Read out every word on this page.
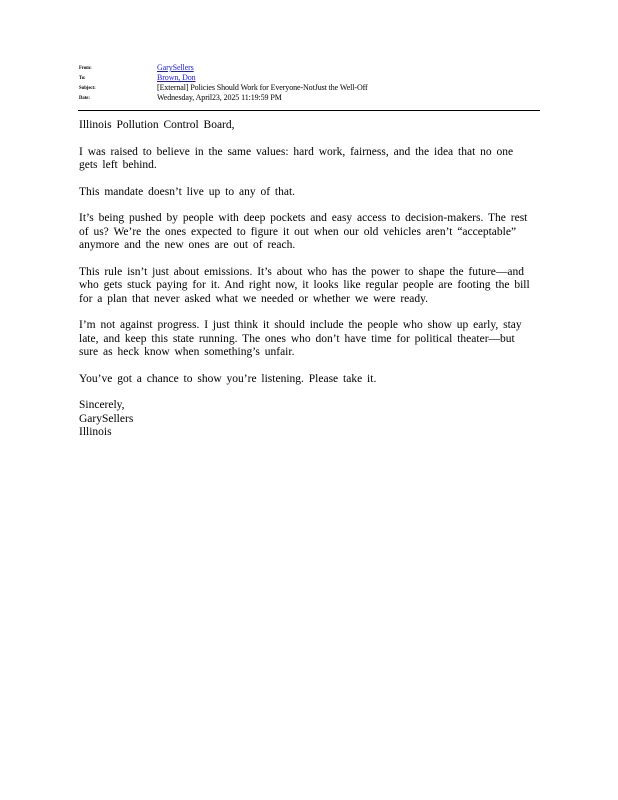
From:	GarySellers
To:	Brown, Don
Subject:	[External] Policies Should Work for Everyone-NotJust the Well-Off
Date:	Wednesday, April23, 2025 11:19:59 PM

Illinois Pollution Control Board,

I was raised to believe in the same values: hard work, fairness, and the idea that no one gets left behind.

This mandate doesn’t live up to any of that.

It’s being pushed by people with deep pockets and easy access to decision-makers. The rest of us? We’re the ones expected to figure it out when our old vehicles aren’t “acceptable” anymore and the new ones are out of reach.

This rule isn’t just about emissions. It’s about who has the power to shape the future—and who gets stuck paying for it. And right now, it looks like regular people are footing the bill for a plan that never asked what we needed or whether we were ready.

I’m not against progress. I just think it should include the people who show up early, stay late, and keep this state running. The ones who don’t have time for political theater—but sure as heck know when something’s unfair.

You’ve got a chance to show you’re listening. Please take it.

Sincerely,
GarySellers
Illinois
